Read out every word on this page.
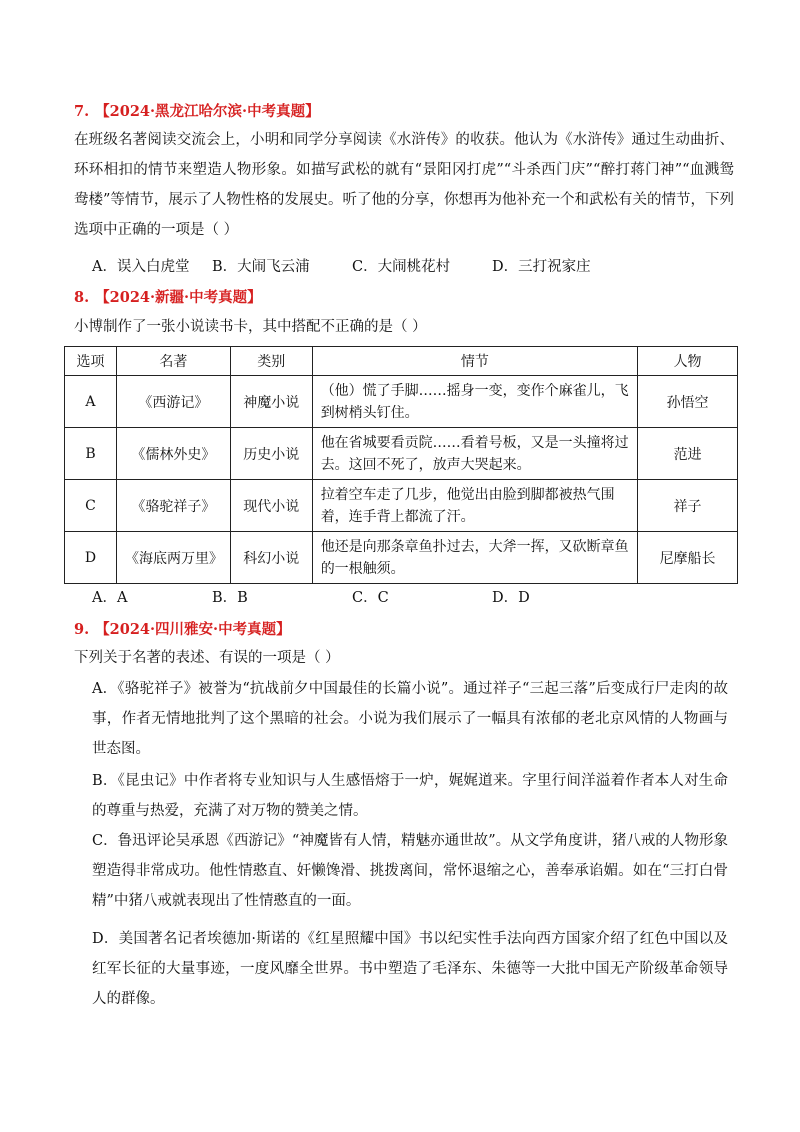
7. 【2024·黑龙江哈尔滨·中考真题】
在班级名著阅读交流会上，小明和同学分享阅读《水浒传》的收获。他认为《水浒传》通过生动曲折、环环相扣的情节来塑造人物形象。如描写武松的就有“景阳冈打虎”“斗杀西门庆”“醉打蒋门神”“血溅鸳鸯楼”等情节，展示了人物性格的发展史。听了他的分享，你想再为他补充一个和武松有关的情节，下列选项中正确的一项是（ ）
A．误入白虎堂 B．大闹飞云浦	C．大闹桃花村	D．三打祝家庄
8. 【2024·新疆·中考真题】
小博制作了一张小说读书卡，其中搭配不正确的是（ ）
选项	名著	类别	情节	人物
A	《西游记》	神魔小说	（他）慌了手脚……摇身一变，变作个麻雀儿，飞到树梢头钉住。	孙悟空
B	《儒林外史》	历史小说	他在省城要看贡院……看着号板，又是一头撞将过去。这回不死了，放声大哭起来。	范进
C	《骆驼祥子》	现代小说	拉着空车走了几步，他觉出由脸到脚都被热气围着，连手背上都流了汗。	祥子
D	《海底两万里》	科幻小说	他还是向那条章鱼扑过去，大斧一挥，又砍断章鱼的一根触须。	尼摩船长
A．A	B．B	C．C	D．D
9. 【2024·四川雅安·中考真题】
下列关于名著的表述、有误的一项是（ ）
A．《骆驼祥子》被誉为“抗战前夕中国最佳的长篇小说”。通过祥子“三起三落”后变成行尸走肉的故事，作者无情地批判了这个黑暗的社会。小说为我们展示了一幅具有浓郁的老北京风情的人物画与世态图。
B．《昆虫记》中作者将专业知识与人生感悟熔于一炉，娓娓道来。字里行间洋溢着作者本人对生命的尊重与热爱，充满了对万物的赞美之情。
C．鲁迅评论吴承恩《西游记》“神魔皆有人情，精魅亦通世故”。从文学角度讲，猪八戒的人物形象塑造得非常成功。他性情憨直、奸懒馋滑、挑拨离间，常怀退缩之心，善奉承谄媚。如在“三打白骨精”中猪八戒就表现出了性情憨直的一面。
D．美国著名记者埃德加·斯诺的《红星照耀中国》书以纪实性手法向西方国家介绍了红色中国以及红军长征的大量事迹，一度风靡全世界。书中塑造了毛泽东、朱德等一大批中国无产阶级革命领导人的群像。
